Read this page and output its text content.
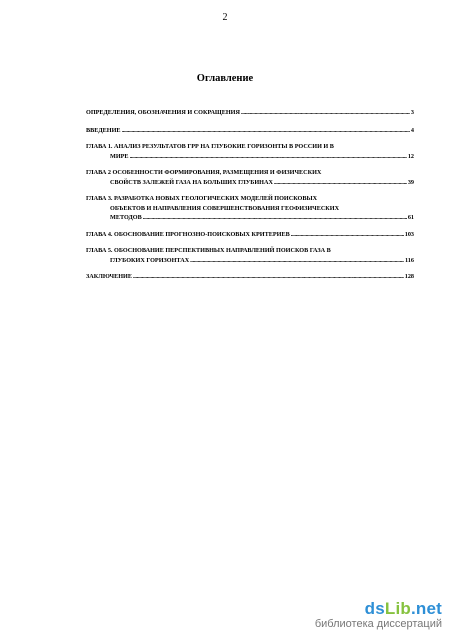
2
Оглавление
ОПРЕДЕЛЕНИЯ, ОБОЗНАЧЕНИЯ И СОКРАЩЕНИЯ .....	3
ВВЕДЕНИЕ .....	4
ГЛАВА 1. АНАЛИЗ РЕЗУЛЬТАТОВ ГРР НА ГЛУБОКИЕ ГОРИЗОНТЫ В РОССИИ И В
МИРЕ .....	12
ГЛАВА 2 ОСОБЕННОСТИ ФОРМИРОВАНИЯ, РАЗМЕЩЕНИЯ И ФИЗИЧЕСКИХ
СВОЙСТВ ЗАЛЕЖЕЙ ГАЗА НА БОЛЬШИХ ГЛУБИНАХ .....	39
ГЛАВА 3. РАЗРАБОТКА НОВЫХ ГЕОЛОГИЧЕСКИХ МОДЕЛЕЙ ПОИСКОВЫХ
ОБЪЕКТОВ И НАПРАВЛЕНИЯ СОВЕРШЕНСТВОВАНИЯ ГЕОФИЗИЧЕСКИХ
МЕТОДОВ .....	61
ГЛАВА 4. ОБОСНОВАНИЕ ПРОГНОЗНО-ПОИСКОВЫХ КРИТЕРИЕВ .....	103
ГЛАВА 5. ОБОСНОВАНИЕ ПЕРСПЕКТИВНЫХ НАПРАВЛЕНИЙ ПОИСКОВ ГАЗА В
ГЛУБОКИХ ГОРИЗОНТАХ .....	116
ЗАКЛЮЧЕНИЕ .....	128
dsLib.net
библиотека диссертаций
